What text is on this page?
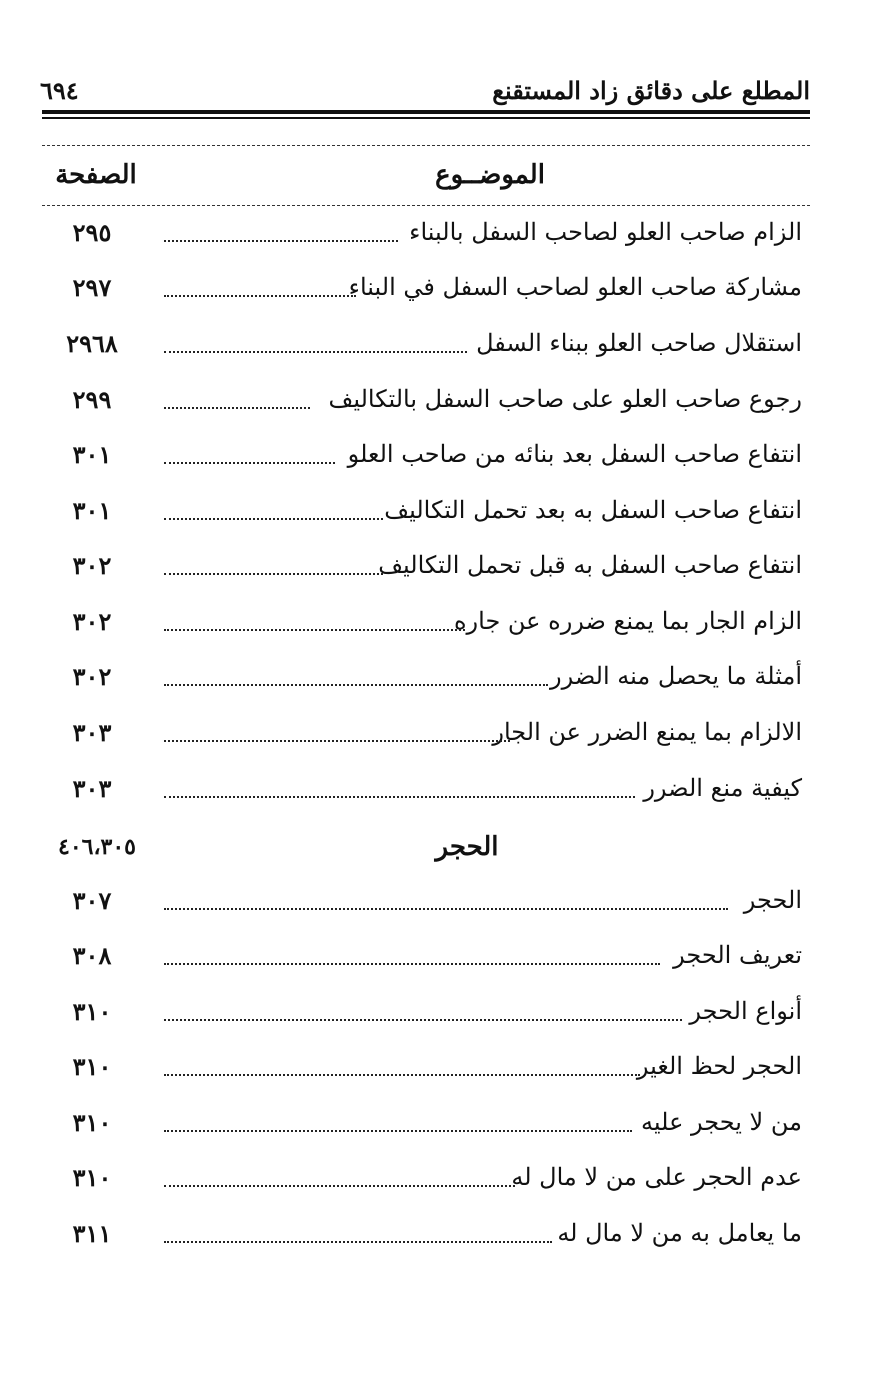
المطلع على دقائق زاد المستقنع
٦٩٤
الموضــوع
الصفحة
الزام صاحب العلو لصاحب السفل بالبناء
٢٩٥
مشاركة صاحب العلو لصاحب السفل في البناء
٢٩٧
استقلال صاحب العلو ببناء السفل
٢٩٦٨
رجوع صاحب العلو على صاحب السفل بالتكاليف
٢٩٩
انتفاع صاحب السفل بعد بنائه من صاحب العلو
٣٠١
انتفاع صاحب السفل به بعد تحمل التكاليف
٣٠١
انتفاع صاحب السفل به قبل تحمل التكاليف
٣٠٢
الزام الجار بما يمنع ضرره عن جاره
٣٠٢
أمثلة ما يحصل منه الضرر
٣٠٢
الالزام بما يمنع الضرر عن الجار
٣٠٣
كيفية منع الضرر
٣٠٣
الحجر
٤٠٦،٣٠٥
الحجر
٣٠٧
تعريف الحجر
٣٠٨
أنواع الحجر
٣١٠
الحجر لحظ الغير
٣١٠
من لا يحجر عليه
٣١٠
عدم الحجر على من لا مال له
٣١٠
ما يعامل به من لا مال له
٣١١
